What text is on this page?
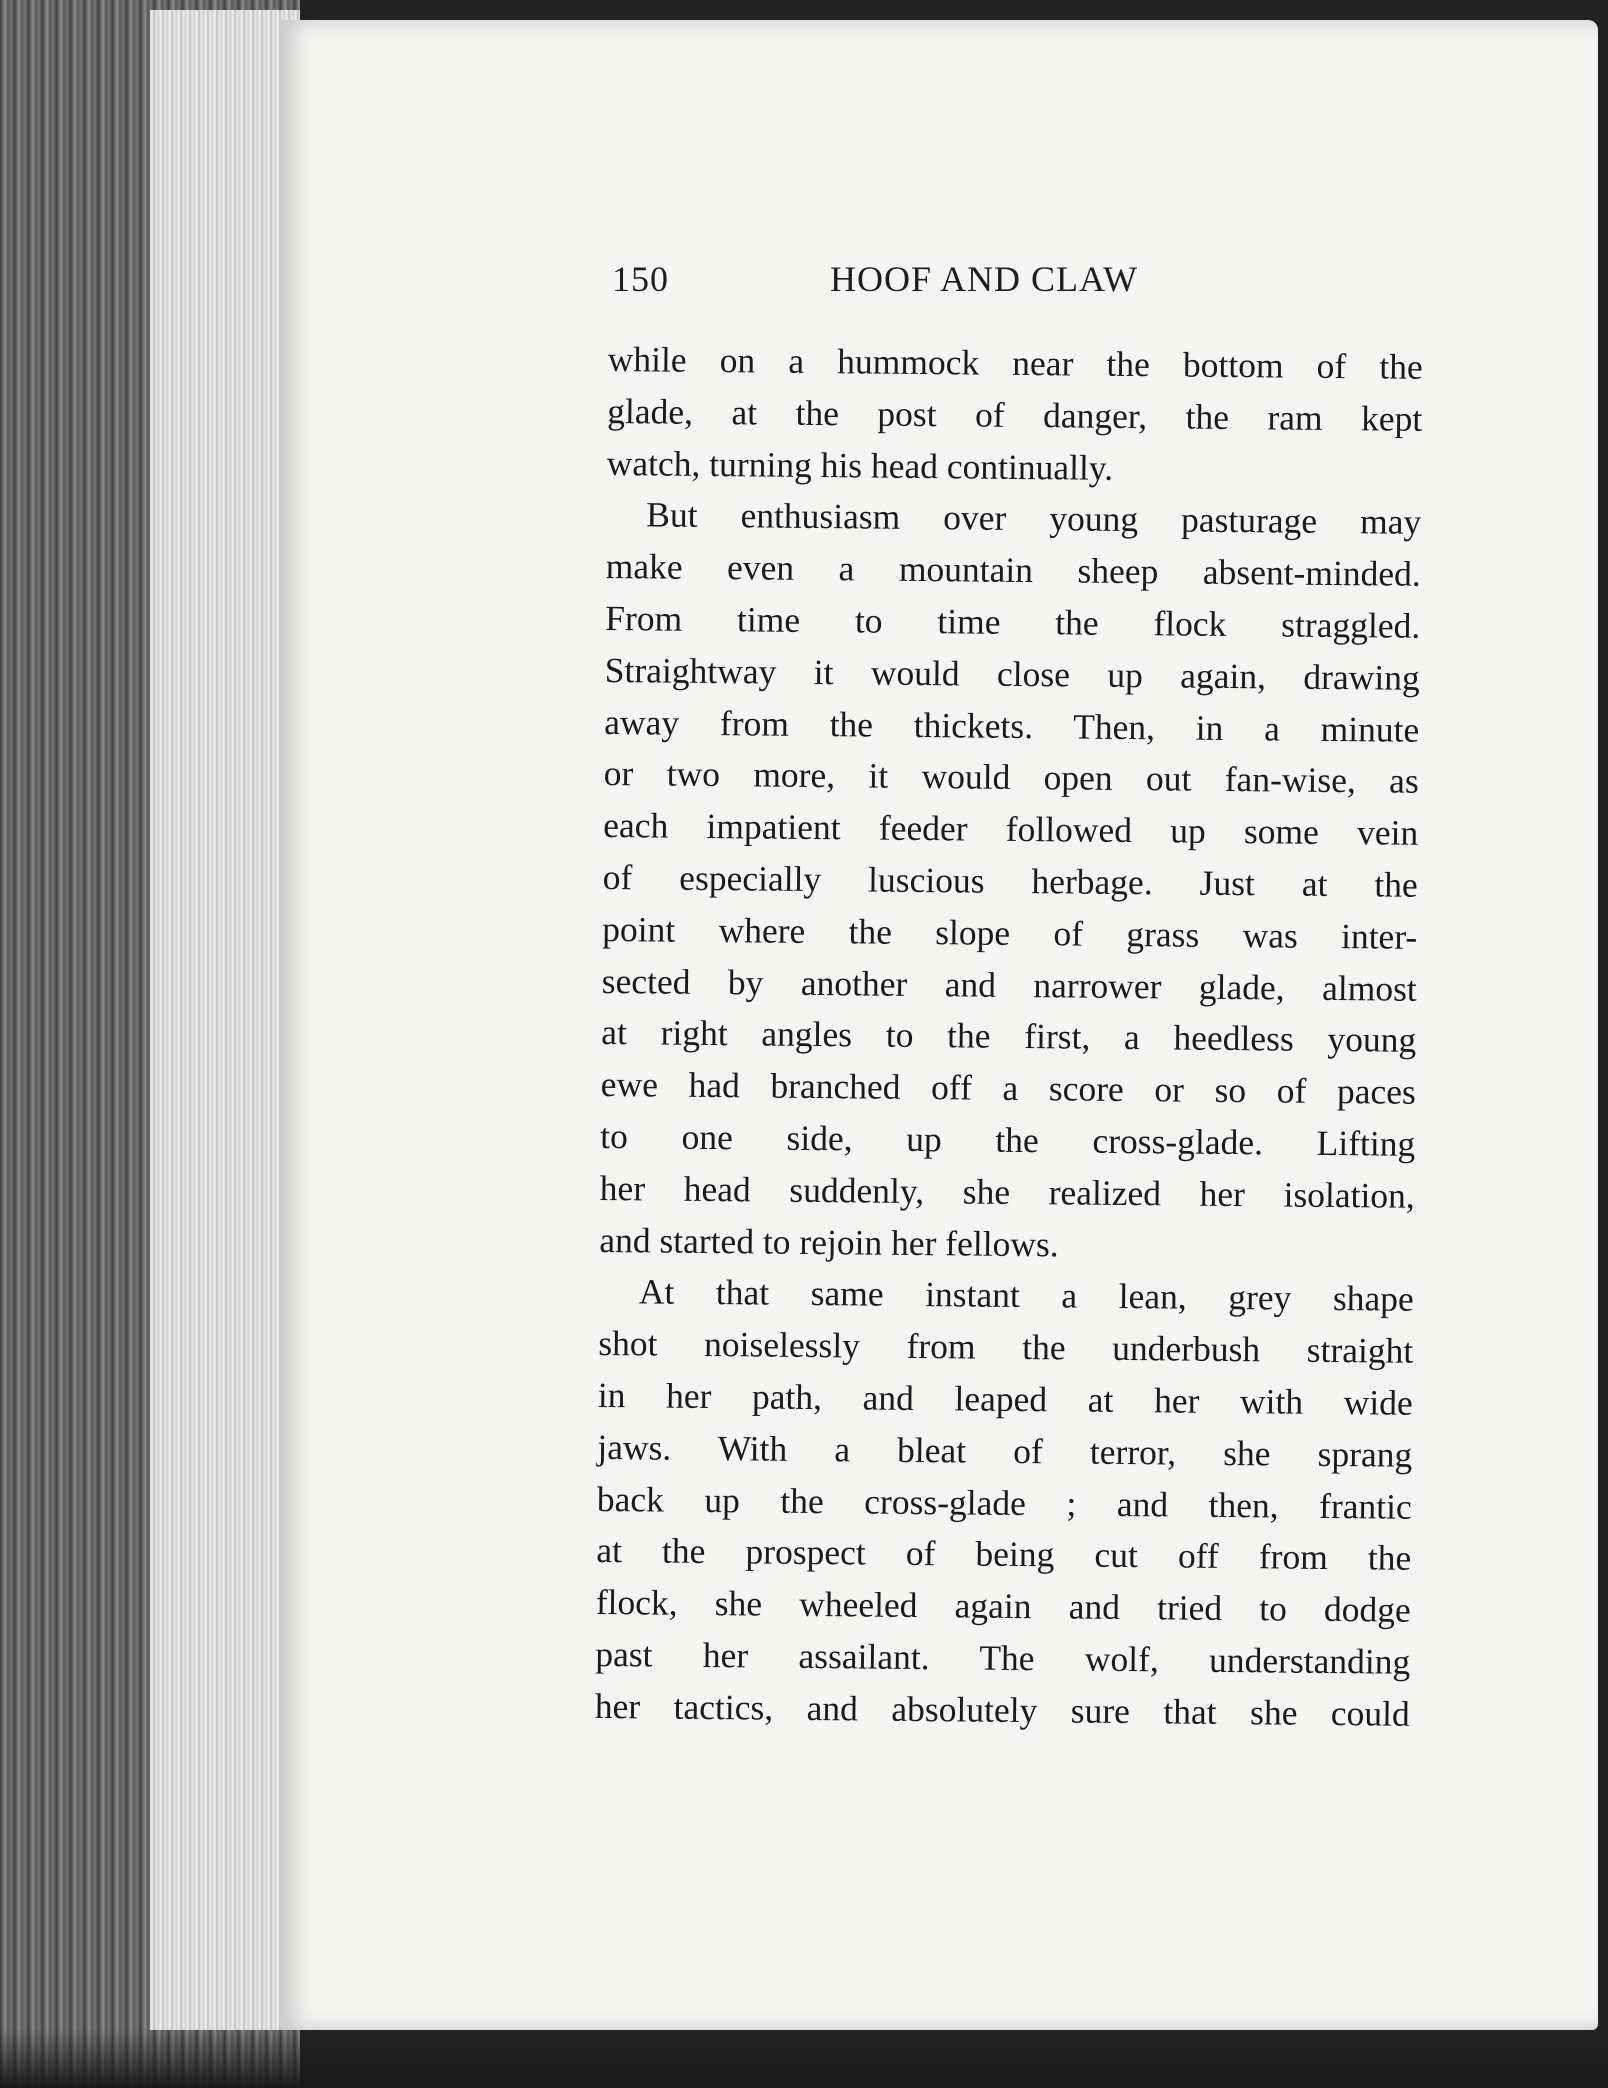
150	HOOF AND CLAW
while on a hummock near the bottom of the
glade, at the post of danger, the ram kept
watch, turning his head continually.
But enthusiasm over young pasturage may
make even a mountain sheep absent-minded.
From time to time the flock straggled.
Straightway it would close up again, drawing
away from the thickets. Then, in a minute
or two more, it would open out fan-wise, as
each impatient feeder followed up some vein
of especially luscious herbage. Just at the
point where the slope of grass was inter-
sected by another and narrower glade, almost
at right angles to the first, a heedless young
ewe had branched off a score or so of paces
to one side, up the cross-glade. Lifting
her head suddenly, she realized her isolation,
and started to rejoin her fellows.
At that same instant a lean, grey shape
shot noiselessly from the underbush straight
in her path, and leaped at her with wide
jaws. With a bleat of terror, she sprang
back up the cross-glade ; and then, frantic
at the prospect of being cut off from the
flock, she wheeled again and tried to dodge
past her assailant. The wolf, understanding
her tactics, and absolutely sure that she could
